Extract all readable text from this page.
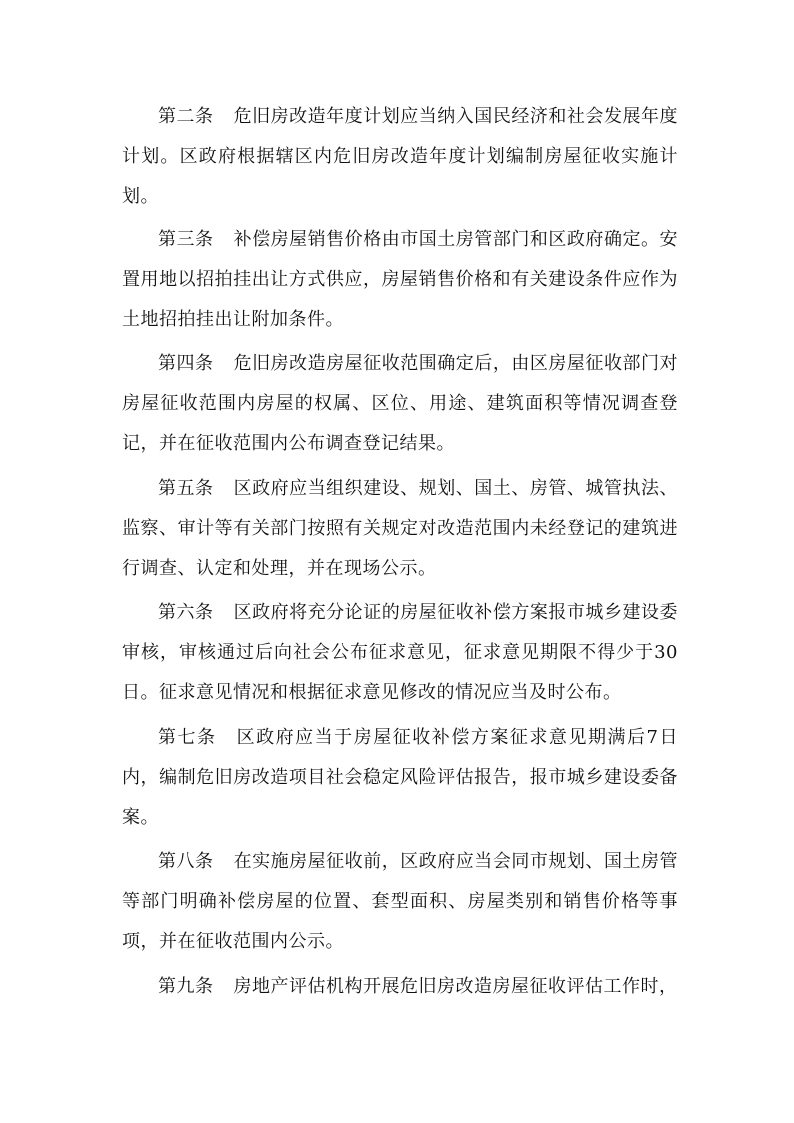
第二条 危旧房改造年度计划应当纳入国民经济和社会发展年度计划。区政府根据辖区内危旧房改造年度计划编制房屋征收实施计划。

第三条 补偿房屋销售价格由市国土房管部门和区政府确定。安置用地以招拍挂出让方式供应，房屋销售价格和有关建设条件应作为土地招拍挂出让附加条件。

第四条 危旧房改造房屋征收范围确定后，由区房屋征收部门对房屋征收范围内房屋的权属、区位、用途、建筑面积等情况调查登记，并在征收范围内公布调查登记结果。

第五条 区政府应当组织建设、规划、国土、房管、城管执法、监察、审计等有关部门按照有关规定对改造范围内未经登记的建筑进行调查、认定和处理，并在现场公示。

第六条 区政府将充分论证的房屋征收补偿方案报市城乡建设委审核，审核通过后向社会公布征求意见，征求意见期限不得少于30日。征求意见情况和根据征求意见修改的情况应当及时公布。

第七条 区政府应当于房屋征收补偿方案征求意见期满后7日内，编制危旧房改造项目社会稳定风险评估报告，报市城乡建设委备案。

第八条 在实施房屋征收前，区政府应当会同市规划、国土房管等部门明确补偿房屋的位置、套型面积、房屋类别和销售价格等事项，并在征收范围内公示。

第九条 房地产评估机构开展危旧房改造房屋征收评估工作时，
